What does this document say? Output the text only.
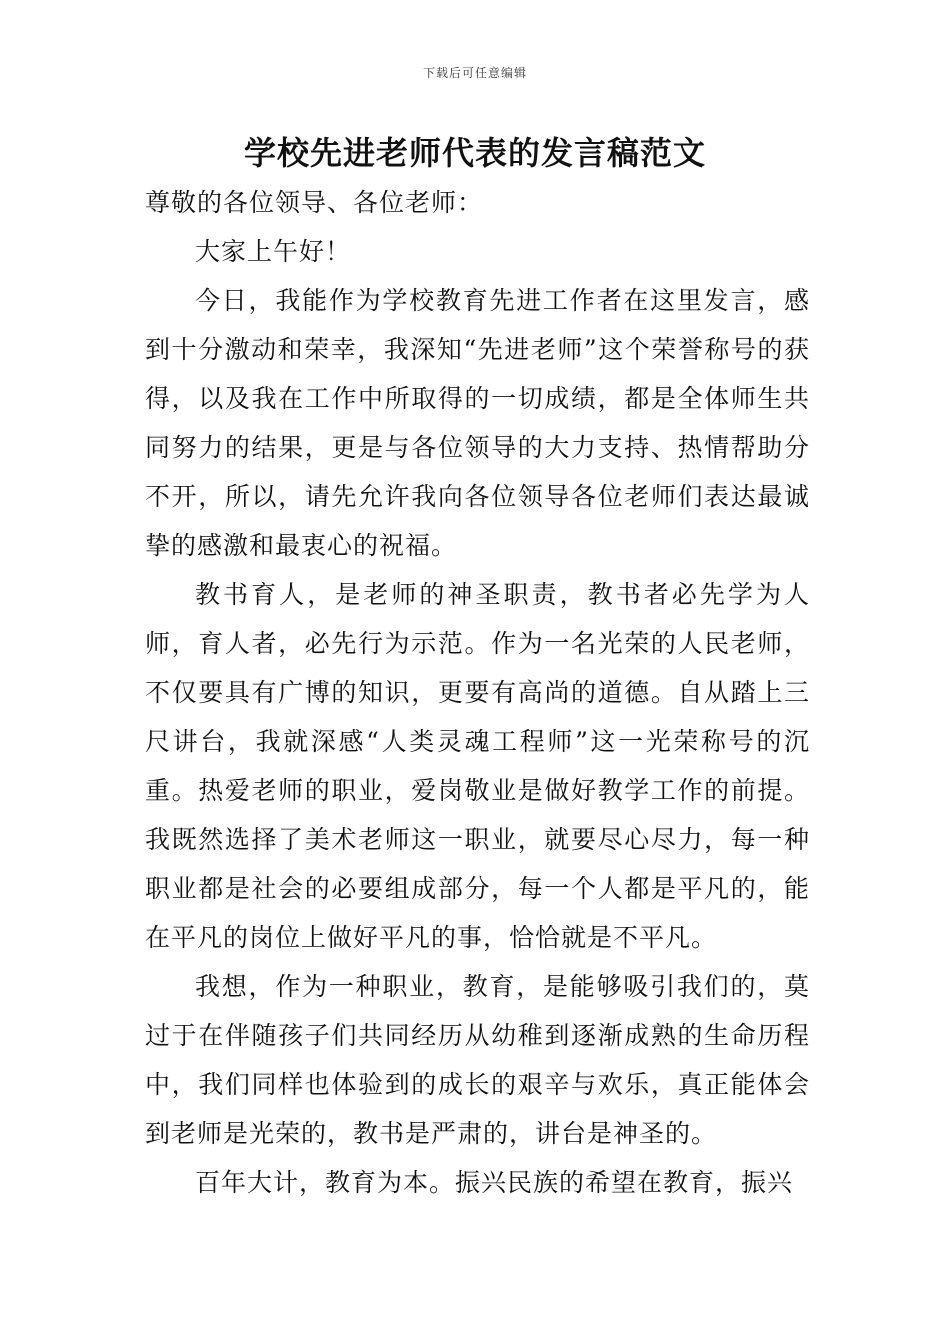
下载后可任意编辑
学校先进老师代表的发言稿范文

尊敬的各位领导、各位老师：

大家上午好！

今日，我能作为学校教育先进工作者在这里发言，感到十分激动和荣幸，我深知“先进老师”这个荣誉称号的获得，以及我在工作中所取得的一切成绩，都是全体师生共同努力的结果，更是与各位领导的大力支持、热情帮助分不开，所以，请先允许我向各位领导各位老师们表达最诚挚的感激和最衷心的祝福。

教书育人，是老师的神圣职责，教书者必先学为人师，育人者，必先行为示范。作为一名光荣的人民老师，不仅要具有广博的知识，更要有高尚的道德。自从踏上三尺讲台，我就深感“人类灵魂工程师”这一光荣称号的沉重。热爱老师的职业，爱岗敬业是做好教学工作的前提。我既然选择了美术老师这一职业，就要尽心尽力，每一种职业都是社会的必要组成部分，每一个人都是平凡的，能在平凡的岗位上做好平凡的事，恰恰就是不平凡。

我想，作为一种职业，教育，是能够吸引我们的，莫过于在伴随孩子们共同经历从幼稚到逐渐成熟的生命历程中，我们同样也体验到的成长的艰辛与欢乐，真正能体会到老师是光荣的，教书是严肃的，讲台是神圣的。

百年大计，教育为本。振兴民族的希望在教育，振兴
